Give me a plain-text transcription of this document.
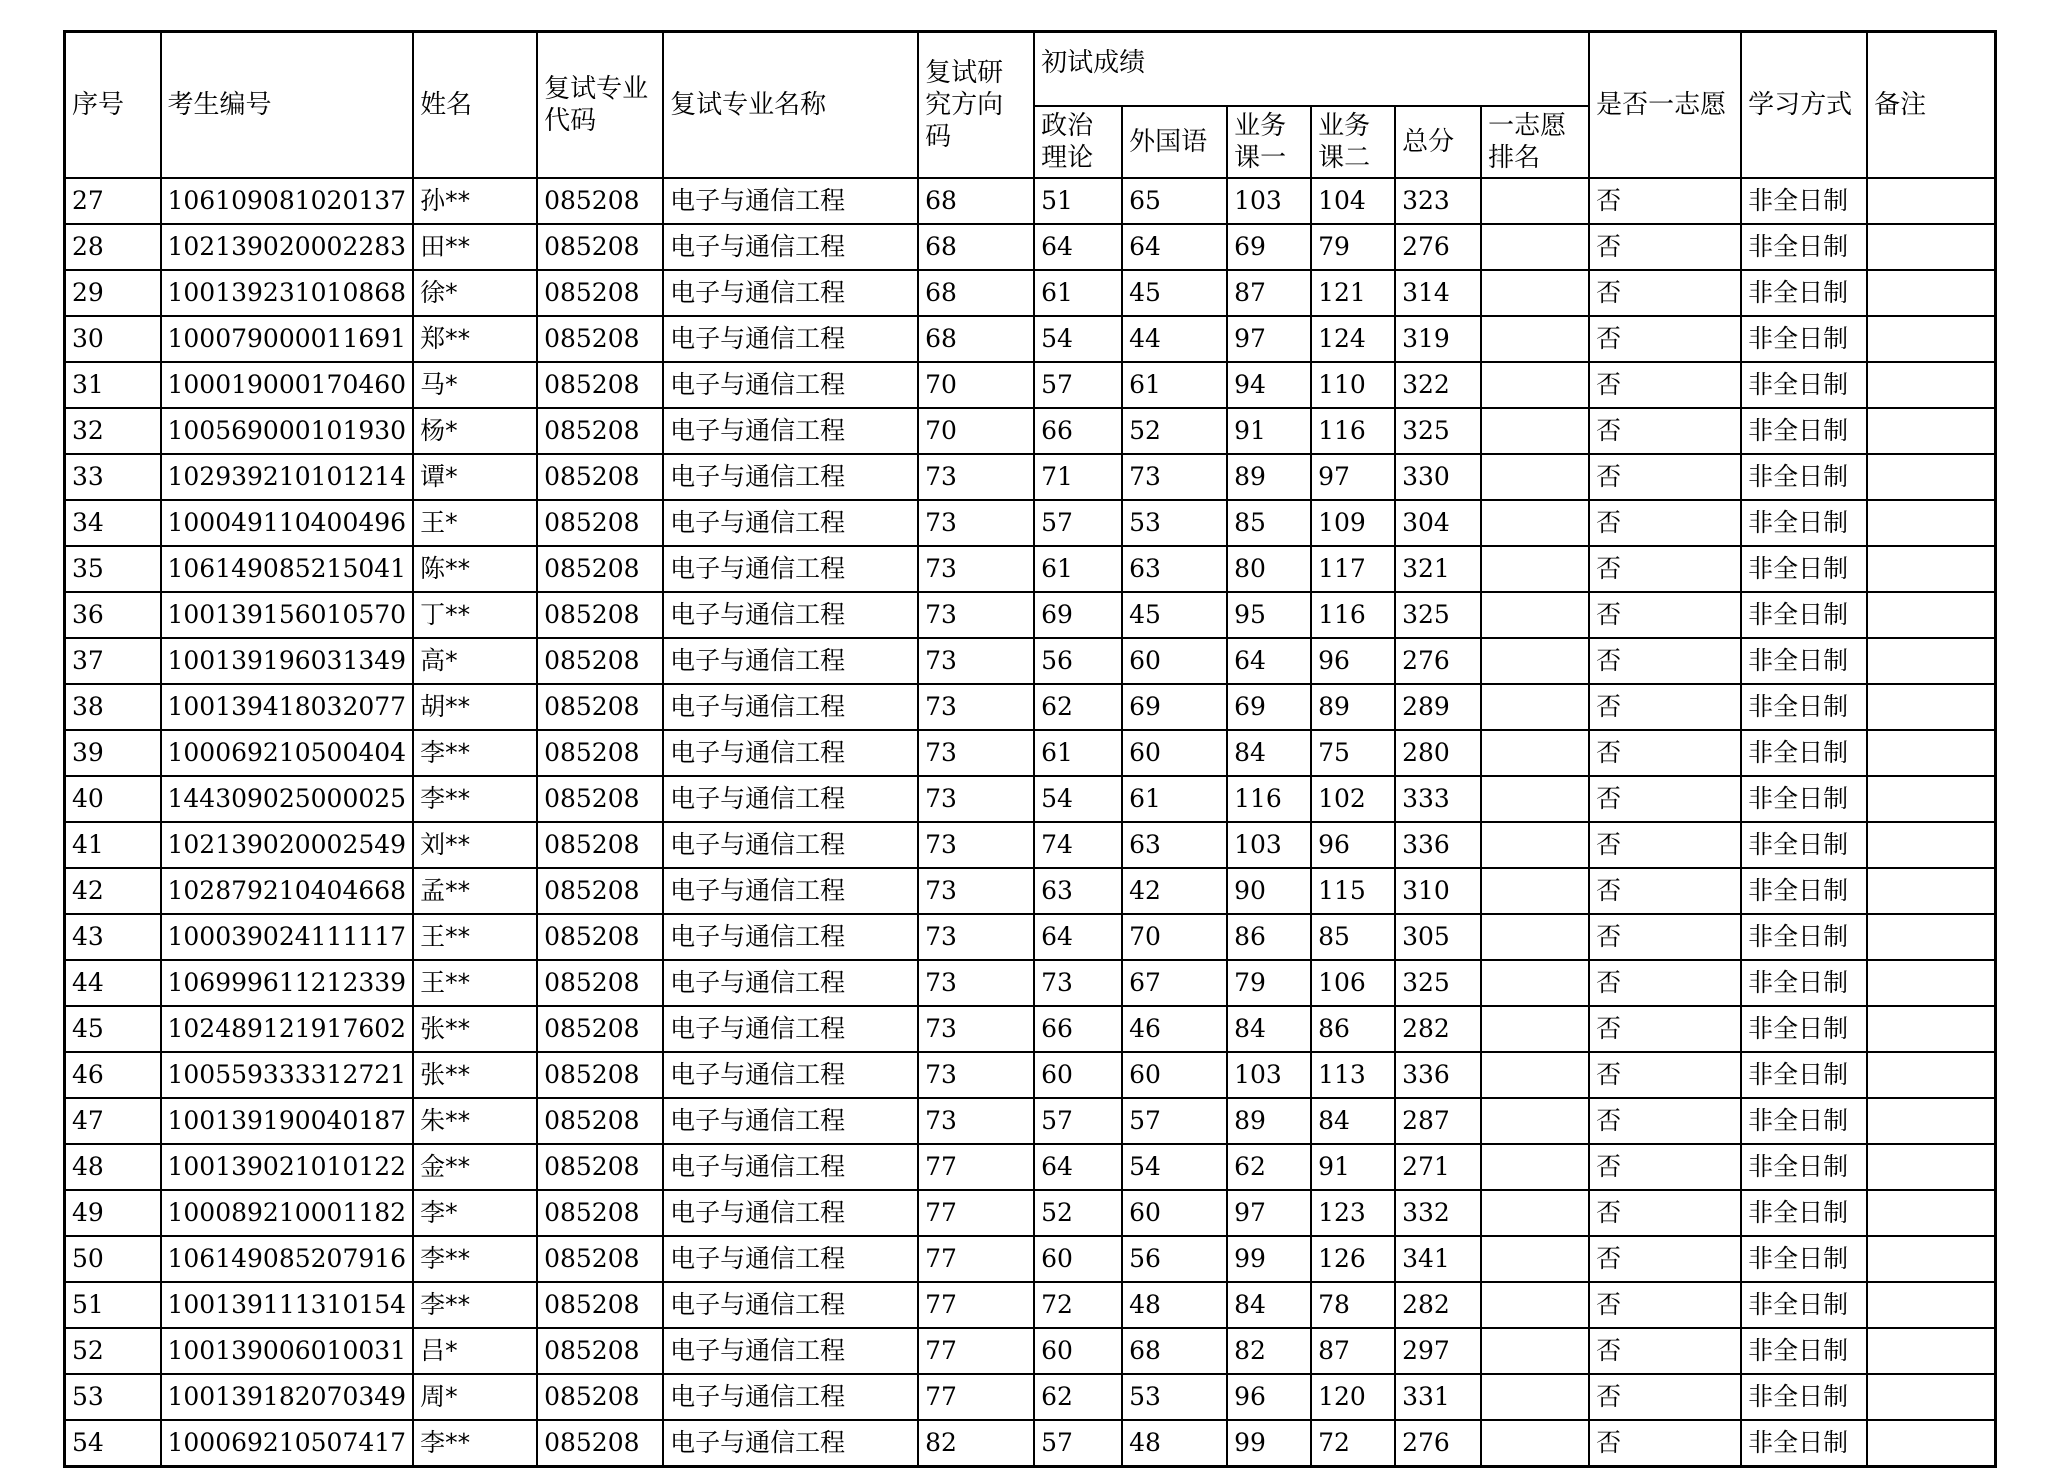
序号	考生编号	姓名	复试专业代码	复试专业名称	复试研究方向码	初试成绩						是否一志愿	学习方式	备注
						政治理论	外国语	业务课一	业务课二	总分	一志愿排名			
27	106109081020137	孙**	085208	电子与通信工程	68	51	65	103	104	323		否	非全日制	
28	102139020002283	田**	085208	电子与通信工程	68	64	64	69	79	276		否	非全日制	
29	100139231010868	徐*	085208	电子与通信工程	68	61	45	87	121	314		否	非全日制	
30	100079000011691	郑**	085208	电子与通信工程	68	54	44	97	124	319		否	非全日制	
31	100019000170460	马*	085208	电子与通信工程	70	57	61	94	110	322		否	非全日制	
32	100569000101930	杨*	085208	电子与通信工程	70	66	52	91	116	325		否	非全日制	
33	102939210101214	谭*	085208	电子与通信工程	73	71	73	89	97	330		否	非全日制	
34	100049110400496	王*	085208	电子与通信工程	73	57	53	85	109	304		否	非全日制	
35	106149085215041	陈**	085208	电子与通信工程	73	61	63	80	117	321		否	非全日制	
36	100139156010570	丁**	085208	电子与通信工程	73	69	45	95	116	325		否	非全日制	
37	100139196031349	高*	085208	电子与通信工程	73	56	60	64	96	276		否	非全日制	
38	100139418032077	胡**	085208	电子与通信工程	73	62	69	69	89	289		否	非全日制	
39	100069210500404	李**	085208	电子与通信工程	73	61	60	84	75	280		否	非全日制	
40	144309025000025	李**	085208	电子与通信工程	73	54	61	116	102	333		否	非全日制	
41	102139020002549	刘**	085208	电子与通信工程	73	74	63	103	96	336		否	非全日制	
42	102879210404668	孟**	085208	电子与通信工程	73	63	42	90	115	310		否	非全日制	
43	100039024111117	王**	085208	电子与通信工程	73	64	70	86	85	305		否	非全日制	
44	106999611212339	王**	085208	电子与通信工程	73	73	67	79	106	325		否	非全日制	
45	102489121917602	张**	085208	电子与通信工程	73	66	46	84	86	282		否	非全日制	
46	100559333312721	张**	085208	电子与通信工程	73	60	60	103	113	336		否	非全日制	
47	100139190040187	朱**	085208	电子与通信工程	73	57	57	89	84	287		否	非全日制	
48	100139021010122	金**	085208	电子与通信工程	77	64	54	62	91	271		否	非全日制	
49	100089210001182	李*	085208	电子与通信工程	77	52	60	97	123	332		否	非全日制	
50	106149085207916	李**	085208	电子与通信工程	77	60	56	99	126	341		否	非全日制	
51	100139111310154	李**	085208	电子与通信工程	77	72	48	84	78	282		否	非全日制	
52	100139006010031	吕*	085208	电子与通信工程	77	60	68	82	87	297		否	非全日制	
53	100139182070349	周*	085208	电子与通信工程	77	62	53	96	120	331		否	非全日制	
54	100069210507417	李**	085208	电子与通信工程	82	57	48	99	72	276		否	非全日制	
